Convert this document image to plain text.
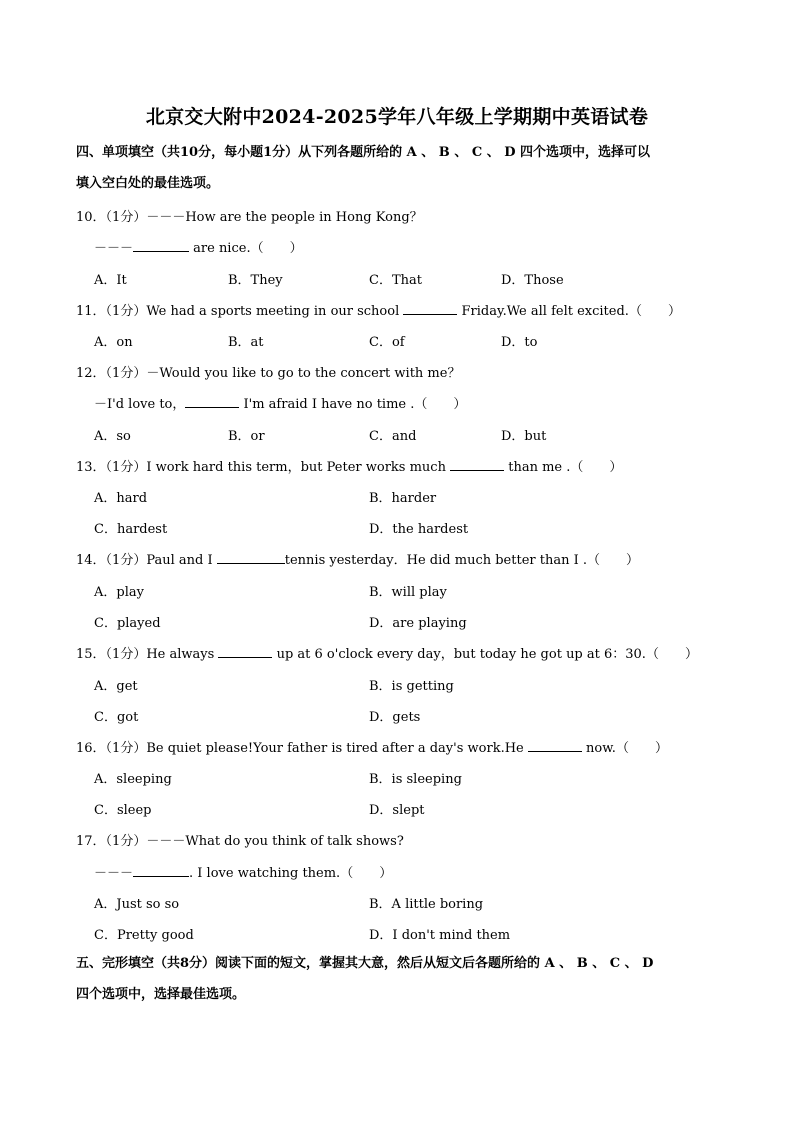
北京交大附中2024-2025学年八年级上学期期中英语试卷
四、单项填空（共10分，每小题1分）从下列各题所给的 A 、 B 、 C 、 D 四个选项中，选择可以
填入空白处的最佳选项。
10．（1分）－－－How are the people in Hong Kong？
－－－	are nice.（　　）
A．It	B．They	C．That	D．Those
11．（1分）We had a sports meeting in our school	Friday.We all felt excited.（　　）
A．on	B．at	C．of	D．to
12．（1分）－Would you like to go to the concert with me？
－I'd love to，	I'm afraid I have no time .（　　）
A．so	B．or	C．and	D．but
13．（1分）I work hard this term，but Peter works much	than me .（　　）
A．hard	B．harder
C．hardest	D．the hardest
14．（1分）Paul and I	tennis yesterday．He did much better than I .（　　）
A．play	B．will play
C．played	D．are playing
15．（1分）He always	up at 6 o'clock every day，but today he got up at 6：30.（　　）
A．get	B．is getting
C．got	D．gets
16．（1分）Be quiet please!Your father is tired after a day's work.He	now.（　　）
A．sleeping	B．is sleeping
C．sleep	D．slept
17．（1分）－－－What do you think of talk shows?
－－－	. I love watching them.（　　）
A．Just so so	B．A little boring
C．Pretty good	D．I don't mind them
五、完形填空（共8分）阅读下面的短文，掌握其大意，然后从短文后各题所给的 A 、 B 、 C 、 D
四个选项中，选择最佳选项。
